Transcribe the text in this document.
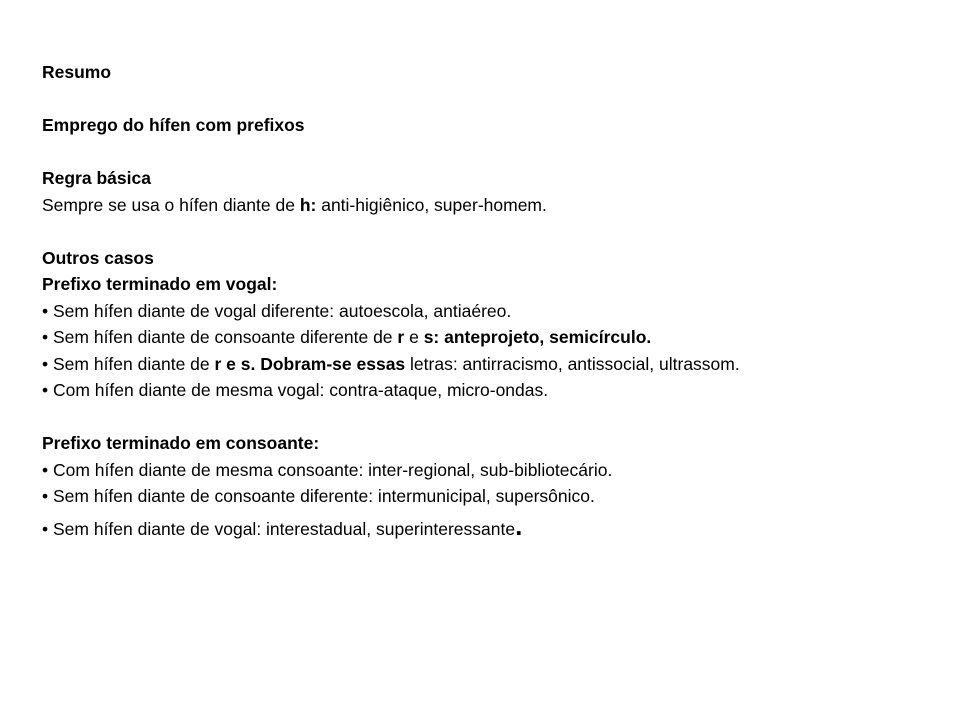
Resumo
Emprego do hífen com prefixos
Regra básica
Sempre se usa o hífen diante de h: anti-higiênico, super-homem.
Outros casos
Prefixo terminado em vogal:
• Sem hífen diante de vogal diferente: autoescola, antiaéreo.
• Sem hífen diante de consoante diferente de r e s: anteprojeto, semicírculo.
• Sem hífen diante de r e s. Dobram-se essas letras: antirracismo, antissocial, ultrassom.
• Com hífen diante de mesma vogal: contra-ataque, micro-ondas.
Prefixo terminado em consoante:
• Com hífen diante de mesma consoante: inter-regional, sub-bibliotecário.
• Sem hífen diante de consoante diferente: intermunicipal, supersônico.
• Sem hífen diante de vogal: interestadual, superinteressante.
